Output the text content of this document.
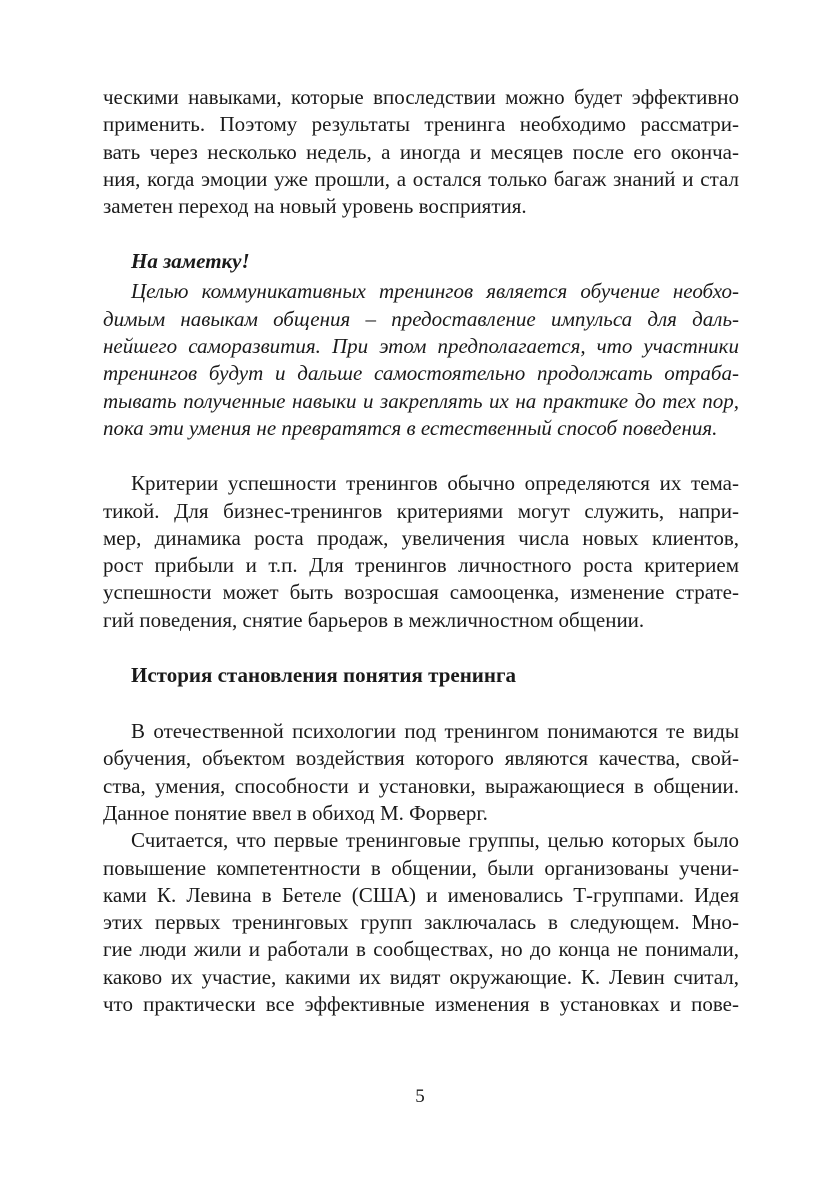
ческими навыками, которые впоследствии можно будет эффективно
применить. Поэтому результаты тренинга необходимо рассматри-
вать через несколько недель, а иногда и месяцев после его оконча-
ния, когда эмоции уже прошли, а остался только багаж знаний и стал
заметен переход на новый уровень восприятия.
На заметку!
Целью коммуникативных тренингов является обучение необхо-
димым навыкам общения – предоставление импульса для даль-
нейшего саморазвития. При этом предполагается, что участники
тренингов будут и дальше самостоятельно продолжать отраба-
тывать полученные навыки и закреплять их на практике до тех пор,
пока эти умения не превратятся в естественный способ поведения.
Критерии успешности тренингов обычно определяются их тема-
тикой. Для бизнес-тренингов критериями могут служить, напри-
мер, динамика роста продаж, увеличения числа новых клиентов,
рост прибыли и т.п. Для тренингов личностного роста критерием
успешности может быть возросшая самооценка, изменение страте-
гий поведения, снятие барьеров в межличностном общении.
История становления понятия тренинга
В отечественной психологии под тренингом понимаются те виды
обучения, объектом воздействия которого являются качества, свой-
ства, умения, способности и установки, выражающиеся в общении.
Данное понятие ввел в обиход М. Форверг.
Считается, что первые тренинговые группы, целью которых было
повышение компетентности в общении, были организованы учени-
ками К. Левина в Бетеле (США) и именовались Т-группами. Идея
этих первых тренинговых групп заключалась в следующем. Мно-
гие люди жили и работали в сообществах, но до конца не понимали,
каково их участие, какими их видят окружающие. К. Левин считал,
что практически все эффективные изменения в установках и пове-
5
